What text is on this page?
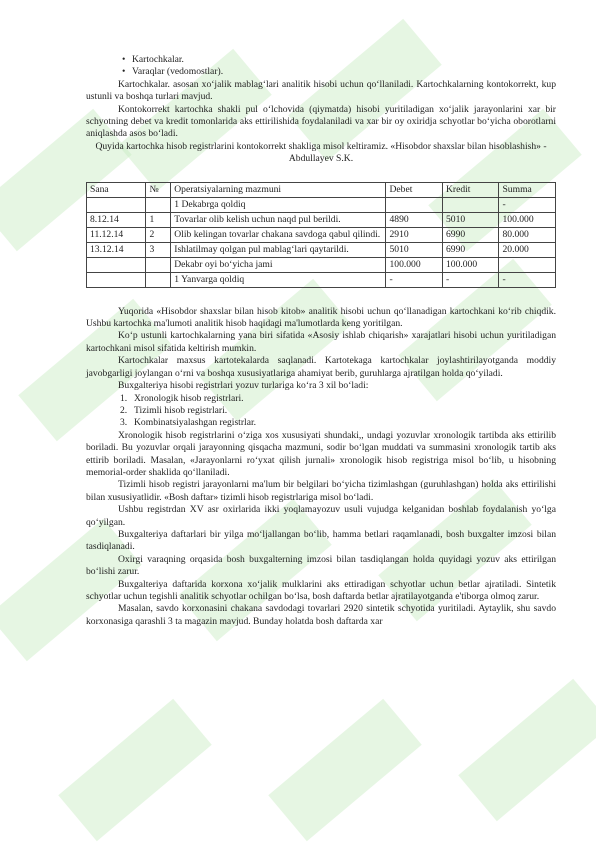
• Kartochkalar.
• Varaqlar (vedomostlar).

Kartochkalar. asosan xo‘jalik mablag‘lari analitik hisobi uchun qo‘llaniladi. Kartochkalarning kontokorrekt, kup ustunli va boshqa turlari mavjud.

Kontokorrekt kartochka shakli pul o‘lchovida (qiymatda) hisobi yuritiladigan xo‘jalik jarayonlarini xar bir schyotning debet va kredit tomonlarida aks ettirilishida foydalaniladi va xar bir oy oxiridja schyotlar bo‘yicha oborotlarni aniqlashda asos bo‘ladi.

Quyida kartochka hisob registrlarini kontokorrekt shakliga misol keltiramiz. «Hisobdor shaxslar bilan hisoblashish» - Abdullayev S.K.

Sana	№	Operatsiyalarning mazmuni	Debet	Kredit	Summa
		1 Dekabrga qoldiq			-
8.12.14	1	Tovarlar olib kelish uchun naqd pul berildi.	4890	5010	100.000
11.12.14	2	Olib kelingan tovarlar chakana savdoga qabul qilindi.	2910	6990	80.000
13.12.14	3	Ishlatilmay qolgan pul mablag‘lari qaytarildi.	5010	6990	20.000
		Dekabr oyi bo‘yicha jami	100.000	100.000	
		1 Yanvarga qoldiq	-	-	-

Yuqorida «Hisobdor shaxslar bilan hisob kitob» analitik hisobi uchun qo‘llanadigan kartochkani ko‘rib chiqdik. Ushbu kartochka ma'lumoti analitik hisob haqidagi ma'lumotlarda keng yoritilgan.

Ko‘p ustunli kartochkalarning yana biri sifatida «Asosiy ishlab chiqarish» xarajatlari hisobi uchun yuritiladigan kartochkani misol sifatida keltirish mumkin.

Kartochkalar maxsus kartotekalarda saqlanadi. Kartotekaga kartochkalar joylashtirilayotganda moddiy javobgarligi joylangan o‘rni va boshqa xususiyatlariga ahamiyat berib, guruhlarga ajratilgan holda qo‘yiladi.

Buxgalteriya hisobi registrlari yozuv turlariga ko‘ra 3 xil bo‘ladi:

1. Xronologik hisob registrlari.
2. Tizimli hisob registrlari.
3. Kombinatsiyalashgan registrlar.

Xronologik hisob registrlarini o‘ziga xos xususiyati shundaki,, undagi yozuvlar xronologik tartibda aks ettirilib boriladi. Bu yozuvlar orqali jarayonning qisqacha mazmuni, sodir bo‘lgan muddati va summasini xronologik tartib aks ettirib boriladi. Masalan, «Jarayonlarni ro‘yxat qilish jurnali» xronologik hisob registriga misol bo‘lib, u hisobning memorial-order shaklida qo‘llaniladi.

Tizimli hisob registri jarayonlarni ma'lum bir belgilari bo‘yicha tizimlashgan (guruhlashgan) holda aks ettirilishi bilan xususiyatlidir. «Bosh daftar» tizimli hisob registrlariga misol bo‘ladi.

Ushbu registrdan XV asr oxirlarida ikki yoqlamayozuv usuli vujudga kelganidan boshlab foydalanish yo‘lga qo‘yilgan.

Buxgalteriya daftarlari bir yilga mo‘ljallangan bo‘lib, hamma betlari raqamlanadi, bosh buxgalter imzosi bilan tasdiqlanadi.

Oxirgi varaqning orqasida bosh buxgalterning imzosi bilan tasdiqlangan holda quyidagi yozuv aks ettirilgan bo‘lishi zarur.

Buxgalteriya daftarida korxona xo‘jalik mulklarini aks ettiradigan schyotlar uchun betlar ajratiladi. Sintetik schyotlar uchun tegishli analitik schyotlar ochilgan bo‘lsa, bosh daftarda betlar ajratilayotganda e'tiborga olmoq zarur.

Masalan, savdo korxonasini chakana savdodagi tovarlari 2920 sintetik schyotida yuritiladi. Aytaylik, shu savdo korxonasiga qarashli 3 ta magazin mavjud. Bunday holatda bosh daftarda xar
